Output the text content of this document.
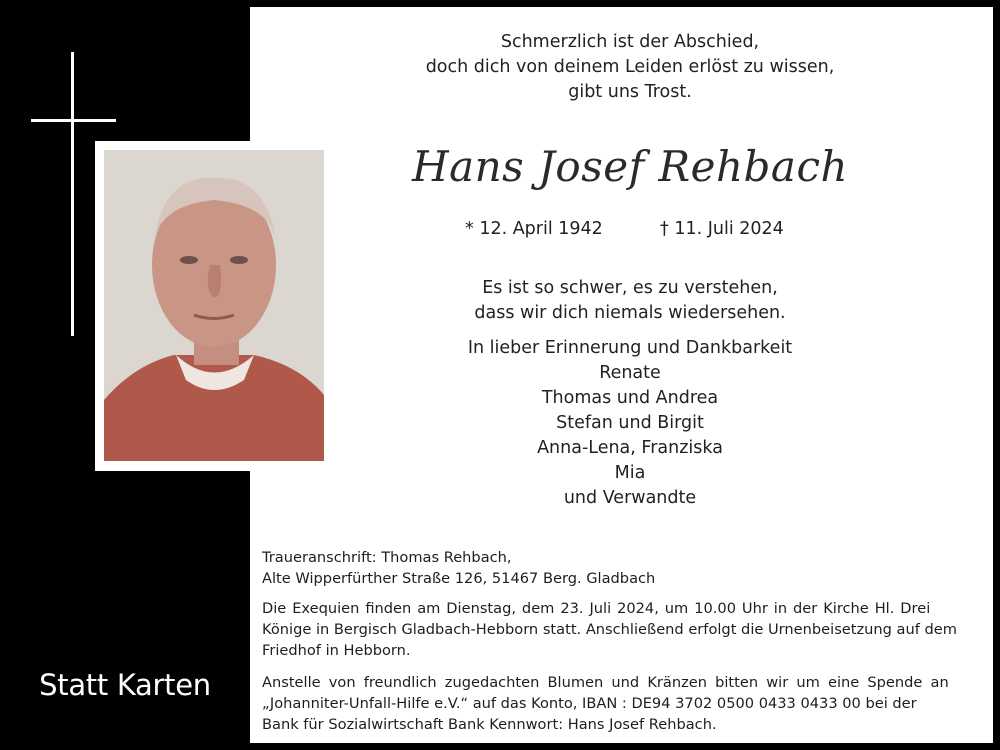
Statt Karten
Schmerzlich ist der Abschied,
doch dich von deinem Leiden erlöst zu wissen,
gibt uns Trost.
Hans Josef Rehbach
* 12. April 1942	† 11. Juli 2024
Es ist so schwer, es zu verstehen,
dass wir dich niemals wiedersehen.
In lieber Erinnerung und Dankbarkeit
Renate
Thomas und Andrea
Stefan und Birgit
Anna-Lena, Franziska
Mia
und Verwandte
Traueranschrift: Thomas Rehbach,
Alte Wipperfürther Straße 126, 51467 Berg. Gladbach
Die Exequien finden am Dienstag, dem 23. Juli 2024, um 10.00 Uhr in der Kirche Hl. Drei
Könige in Bergisch Gladbach-Hebborn statt. Anschließend erfolgt die Urnenbeisetzung auf dem
Friedhof in Hebborn.
Anstelle von freundlich zugedachten Blumen und Kränzen bitten wir um eine Spende an
„Johanniter-Unfall-Hilfe e.V.“ auf das Konto, IBAN : DE94 3702 0500 0433 0433 00 bei der
Bank für Sozialwirtschaft Bank Kennwort: Hans Josef Rehbach.
